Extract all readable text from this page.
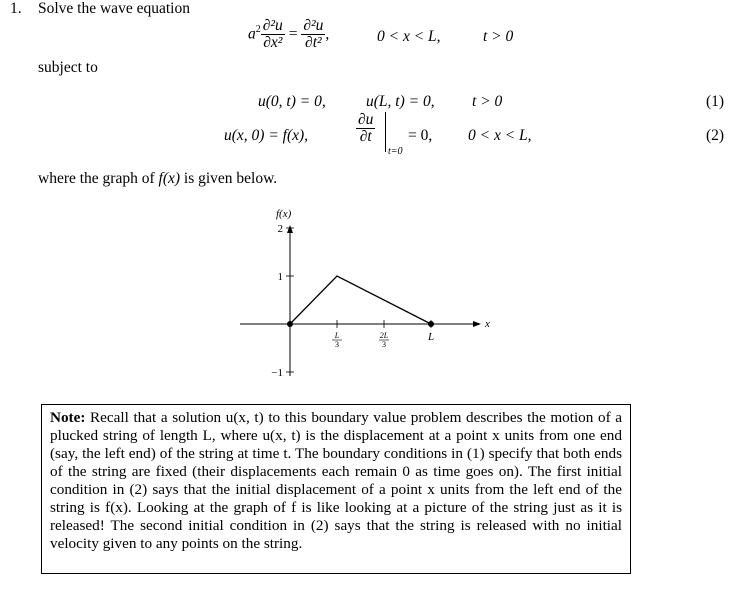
1. Solve the wave equation
$a^2 \frac{\text{∂²u}}{\text{∂x²}} = \frac{\text{∂²u}}{\text{∂t²}}$ ,	0 < x < L,	t > 0
subject to
u(0, t) = 0,	u(L, t) = 0, t > 0	(1)
u(x, 0) = f(x),	$\frac{\partial u}{\partial t}$
t=0
= 0, 0 < x < L,	(2)
where the graph of f(x) is given below.
2
1
−1
L
3
2L
3
L
f(x)
x

Note: Recall that a solution u(x, t) to this boundary value problem describes the motion of a plucked string of length L, where u(x, t) is the displacement at a point x units from one end (say, the left end) of the string at time t. The boundary conditions in (1) specify that both ends of the string are fixed (their displacements each remain 0 as time goes on). The first initial condition in (2) says that the initial displacement of a point x units from the left end of the string is f(x). Looking at the graph of f is like looking at a picture of the string just as it is released! The second initial condition in (2) says that the string is released with no initial velocity given to any points on the string.
